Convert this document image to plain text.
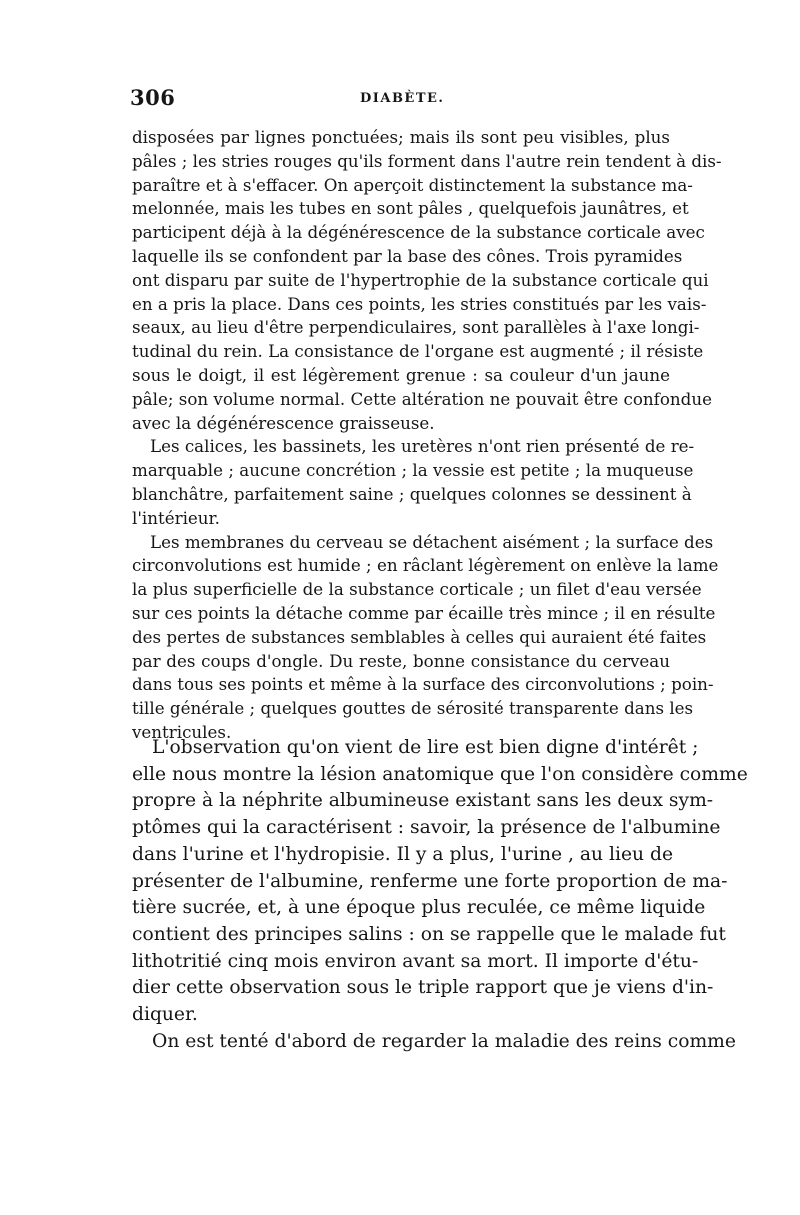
306	DIABÈTE.
disposées par lignes ponctuées; mais ils sont peu visibles, plus
pâles ; les stries rouges qu'ils forment dans l'autre rein tendent à dis-
paraître et à s'effacer. On aperçoit distinctement la substance ma-
melonnée, mais les tubes en sont pâles , quelquefois jaunâtres, et
participent déjà à la dégénérescence de la substance corticale avec
laquelle ils se confondent par la base des cônes. Trois pyramides
ont disparu par suite de l'hypertrophie de la substance corticale qui
en a pris la place. Dans ces points, les stries constitués par les vais-
seaux, au lieu d'être perpendiculaires, sont parallèles à l'axe longi-
tudinal du rein. La consistance de l'organe est augmenté ; il résiste
sous le doigt, il est légèrement grenue : sa couleur d'un jaune
pâle; son volume normal. Cette altération ne pouvait être confondue
avec la dégénérescence graisseuse.
Les calices, les bassinets, les uretères n'ont rien présenté de re-
marquable ; aucune concrétion ; la vessie est petite ; la muqueuse
blanchâtre, parfaitement saine ; quelques colonnes se dessinent à
l'intérieur.
Les membranes du cerveau se détachent aisément ; la surface des
circonvolutions est humide ; en râclant légèrement on enlève la lame
la plus superficielle de la substance corticale ; un filet d'eau versée
sur ces points la détache comme par écaille très mince ; il en résulte
des pertes de substances semblables à celles qui auraient été faites
par des coups d'ongle. Du reste, bonne consistance du cerveau
dans tous ses points et même à la surface des circonvolutions ; poin-
tille générale ; quelques gouttes de sérosité transparente dans les
ventricules.
L'observation qu'on vient de lire est bien digne d'intérêt ;
elle nous montre la lésion anatomique que l'on considère comme
propre à la néphrite albumineuse existant sans les deux sym-
ptômes qui la caractérisent : savoir, la présence de l'albumine
dans l'urine et l'hydropisie. Il y a plus, l'urine , au lieu de
présenter de l'albumine, renferme une forte proportion de ma-
tière sucrée, et, à une époque plus reculée, ce même liquide
contient des principes salins : on se rappelle que le malade fut
lithotritié cinq mois environ avant sa mort. Il importe d'étu-
dier cette observation sous le triple rapport que je viens d'in-
diquer.
On est tenté d'abord de regarder la maladie des reins comme
